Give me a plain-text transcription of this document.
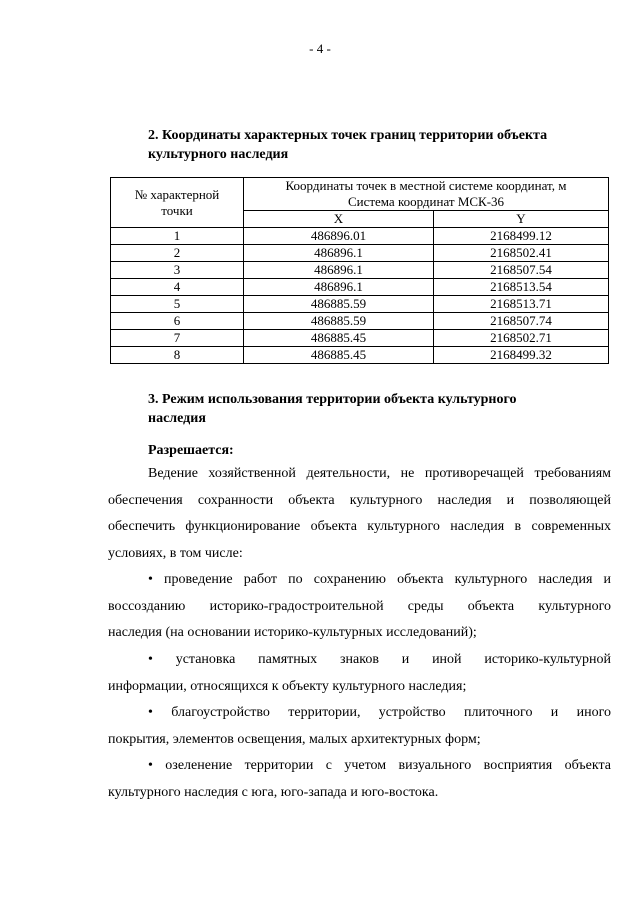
- 4 -
2. Координаты характерных точек границ территории объекта
культурного наследия
№ характерной точки	Координаты точек в местной системе координат, м
Система координат МСК-36	

	X	Y
1	486896.01	2168499.12
2	486896.1	2168502.41
3	486896.1	2168507.54
4	486896.1	2168513.54
5	486885.59	2168513.71
6	486885.59	2168507.74
7	486885.45	2168502.71
8	486885.45	2168499.32
3. Режим использования территории объекта культурного
наследия
Разрешается:
Ведение хозяйственной деятельности, не противоречащей требованиям
обеспечения сохранности объекта культурного наследия и позволяющей
обеспечить функционирование объекта культурного наследия в современных
условиях, в том числе:
• проведение работ по сохранению объекта культурного наследия и
воссозданию историко-градостроительной среды объекта культурного
наследия (на основании историко-культурных исследований);
• установка памятных знаков и иной историко-культурной
информации, относящихся к объекту культурного наследия;
• благоустройство территории, устройство плиточного и иного
покрытия, элементов освещения, малых архитектурных форм;
• озеленение территории с учетом визуального восприятия объекта
культурного наследия с юга, юго-запада и юго-востока.
